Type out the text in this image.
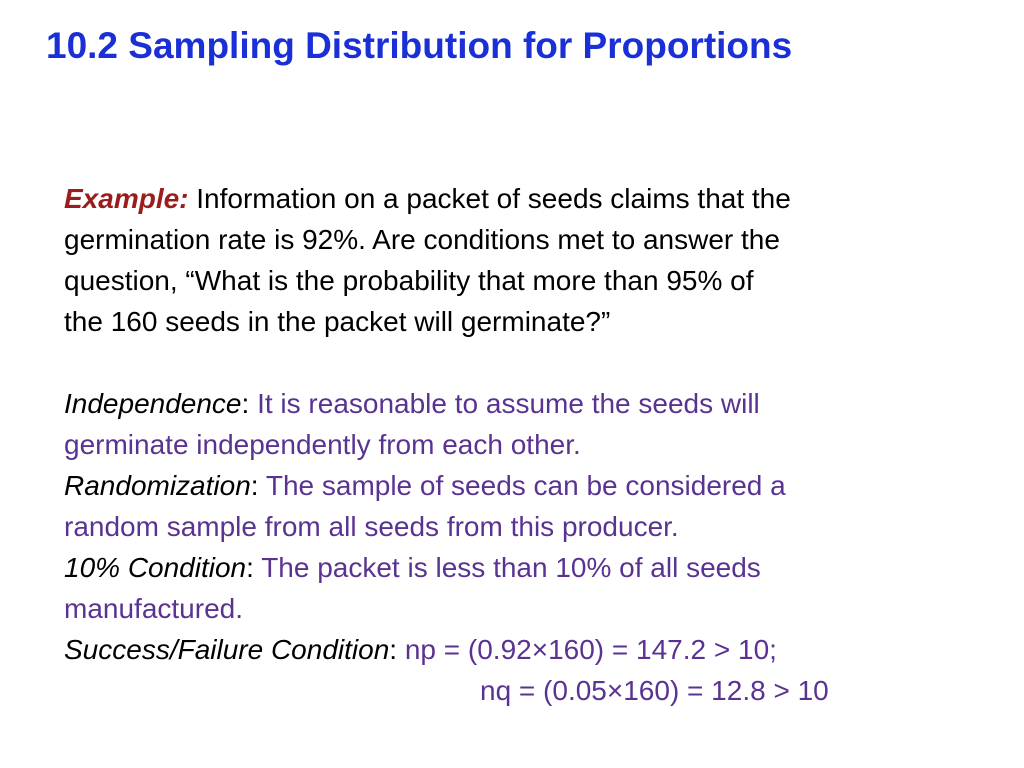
10.2 Sampling Distribution for Proportions
Example: Information on a packet of seeds claims that the
germination rate is 92%. Are conditions met to answer the
question, “What is the probability that more than 95% of
the 160 seeds in the packet will germinate?”
Independence: It is reasonable to assume the seeds will
germinate independently from each other.
Randomization: The sample of seeds can be considered a
random sample from all seeds from this producer.
10% Condition: The packet is less than 10% of all seeds
manufactured.
Success/Failure Condition: np = (0.92×160) = 147.2 > 10;
nq = (0.05×160) = 12.8 > 10
